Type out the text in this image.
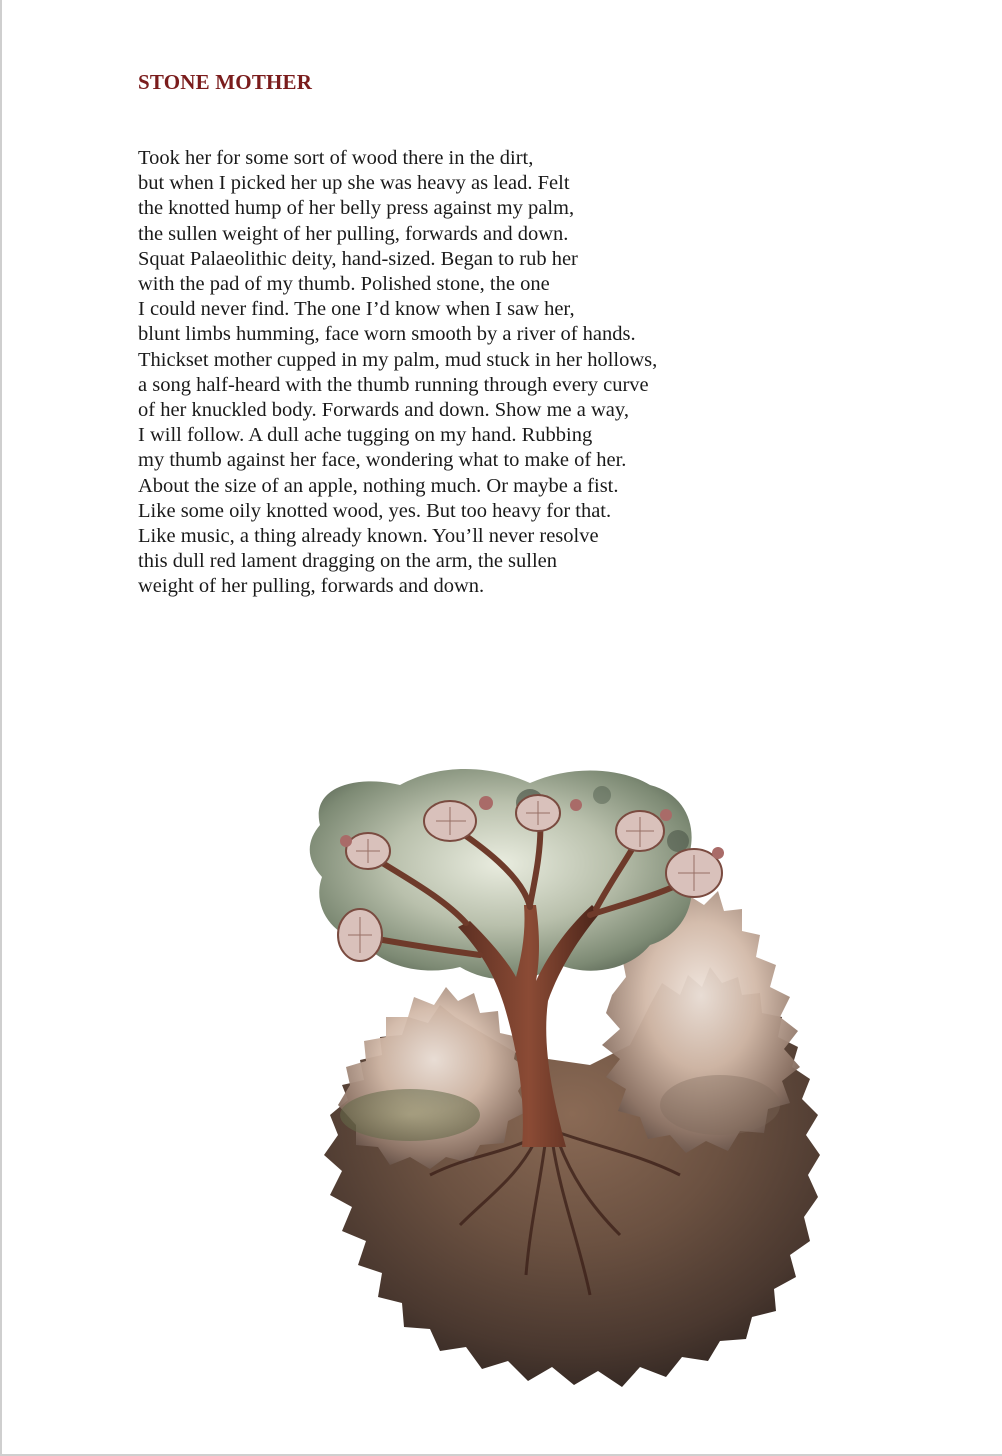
STONE MOTHER
Took her for some sort of wood there in the dirt,
but when I picked her up she was heavy as lead. Felt
the knotted hump of her belly press against my palm,
the sullen weight of her pulling, forwards and down.
Squat Palaeolithic deity, hand-sized. Began to rub her
with the pad of my thumb. Polished stone, the one
I could never find. The one I’d know when I saw her,
blunt limbs humming, face worn smooth by a river of hands.
Thickset mother cupped in my palm, mud stuck in her hollows,
a song half-heard with the thumb running through every curve
of her knuckled body. Forwards and down. Show me a way,
I will follow. A dull ache tugging on my hand. Rubbing
my thumb against her face, wondering what to make of her.
About the size of an apple, nothing much. Or maybe a fist.
Like some oily knotted wood, yes. But too heavy for that.
Like music, a thing already known. You’ll never resolve
this dull red lament dragging on the arm, the sullen
weight of her pulling, forwards and down.
